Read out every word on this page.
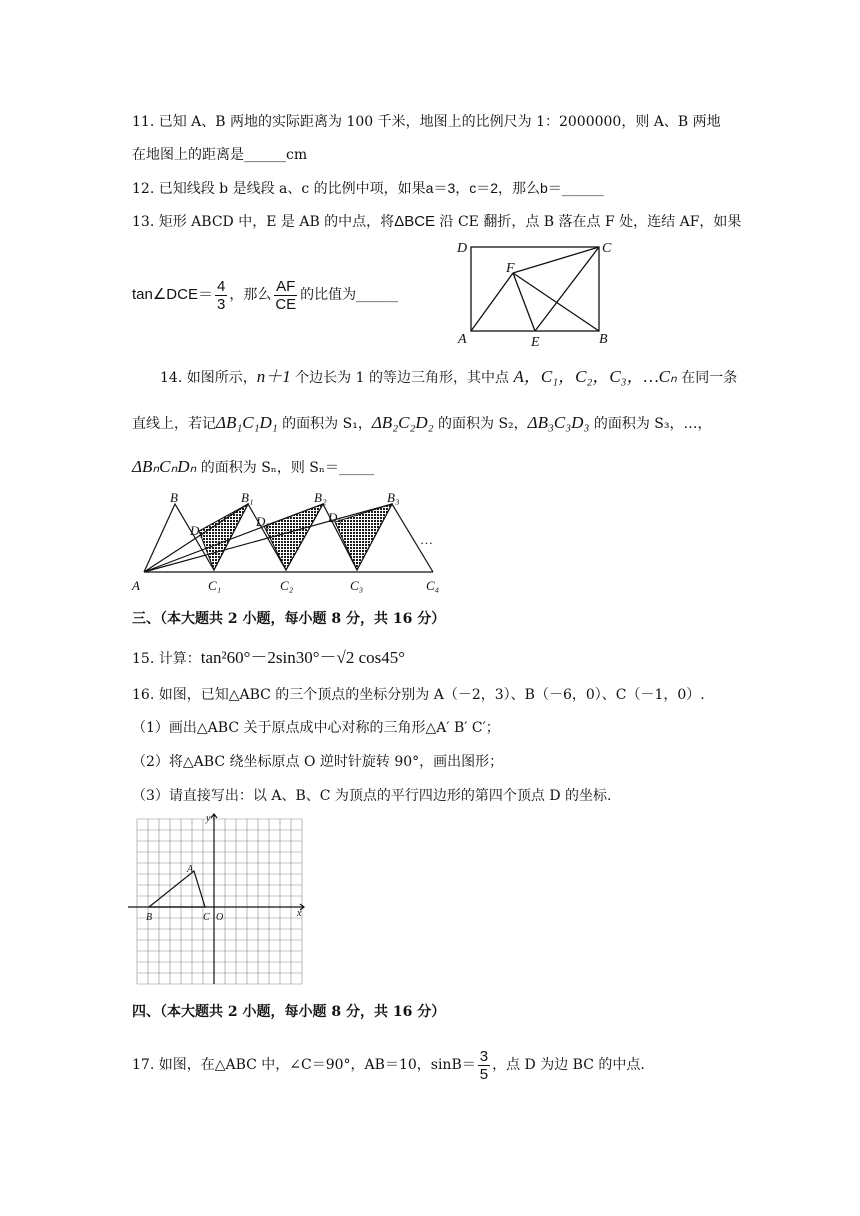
11. 已知 A、B 两地的实际距离为 100 千米，地图上的比例尺为 1：2000000，则 A、B 两地
在地图上的距离是______cm
12. 已知线段 b 是线段 a、c 的比例中项，如果a＝3，c＝2，那么b＝______
13. 矩形 ABCD 中，E 是 AB 的中点，将ΔBCE 沿 CE 翻折，点 B 落在点 F 处，连结 AF，如果
tan∠DCE＝ $\frac{4}{3}$ ，那么 $\frac{AF}{CE}$ 的比值为______
D	C
F
A	E	B
14. 如图所示，n＋1 个边长为 1 的等边三角形，其中点 A，C₁，C₂，C₃，…Cₙ 在同一条
直线上，若记ΔB₁C₁D₁ 的面积为 S₁，ΔB₂C₂D₂ 的面积为 S₂，ΔB₃C₃D₃ 的面积为 S₃，…，
ΔBₙCₙDₙ 的面积为 Sₙ，则 Sₙ＝_____
B	B₁	B₂	B₃
D₁
D₂	D₃
A	C₁	C₂	C₃	C₄
…
三、（本大题共 2 小题，每小题 8 分，共 16 分）
15. 计算：tan²60°－2sin30°－√2 cos45°
16. 如图，已知△ABC 的三个顶点的坐标分别为 A（－2，3）、B（－6，0）、C（－1，0）.
（1）画出△ABC 关于原点成中心对称的三角形△A′ B′ C′；
（2）将△ABC 绕坐标原点 O 逆时针旋转 90°，画出图形；
（3）请直接写出：以 A、B、C 为顶点的平行四边形的第四个顶点 D 的坐标.
y
x
A
B	C O
四、（本大题共 2 小题，每小题 8 分，共 16 分）
17. 如图，在△ABC 中，∠C＝90°，AB＝10，$\sin B= \frac{3}{5}$ ，点 D 为边 BC 的中点.
